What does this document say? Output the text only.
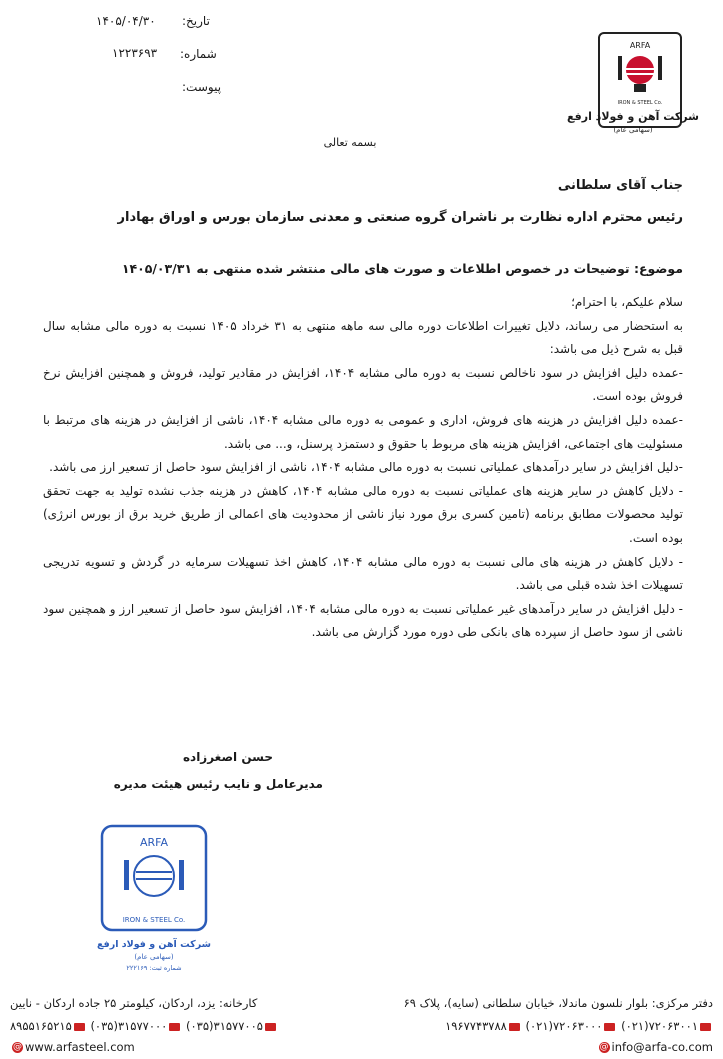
تاریخ:
۱۴۰۵/۰۴/۳۰
شماره:
۱۲۲۳۶۹۳
پیوست:
ARFA
IRON & STEEL Co.
شرکت آهن و فولاد ارفع
(سهامی عام)
بسمه تعالی
جناب آقای سلطانی
رئیس محترم اداره نظارت بر ناشران گروه صنعتی و معدنی سازمان بورس و اوراق بهادار
موضوع: توضیحات در خصوص اطلاعات و صورت های مالی منتشر شده منتهی به ۱۴۰۵/۰۳/۳۱

سلام علیکم، با احترام؛

به استحضار می رساند، دلایل تغییرات اطلاعات دوره مالی سه ماهه منتهی به ۳۱ خرداد ۱۴۰۵ نسبت به دوره مالی مشابه سال قبل به شرح ذیل می باشد:

-عمده دلیل افزایش در سود ناخالص نسبت به دوره مالی مشابه ۱۴۰۴، افزایش در مقادیر تولید، فروش و همچنین افزایش نرخ فروش بوده است.

-عمده دلیل افزایش در هزینه های فروش، اداری و عمومی به دوره مالی مشابه ۱۴۰۴، ناشی از افزایش در هزینه های مرتبط با مسئولیت های اجتماعی، افزایش هزینه های مربوط با حقوق و دستمزد پرسنل، و... می باشد.

-دلیل افزایش در سایر درآمدهای عملیاتی نسبت به دوره مالی مشابه ۱۴۰۴، ناشی از افزایش سود حاصل از تسعیر ارز می باشد.

- دلایل کاهش در سایر هزینه های عملیاتی نسبت به دوره مالی مشابه ۱۴۰۴، کاهش در هزینه جذب نشده تولید به جهت تحقق تولید محصولات مطابق برنامه (تامین کسری برق مورد نیاز ناشی از محدودیت های اعمالی از طریق خرید برق از بورس انرژی) بوده است.

- دلایل کاهش در هزینه های مالی نسبت به دوره مالی مشابه ۱۴۰۴، کاهش اخذ تسهیلات سرمایه در گردش و تسویه تدریجی تسهیلات اخذ شده قبلی می باشد.

- دلیل افزایش در سایر درآمدهای غیر عملیاتی نسبت به دوره مالی مشابه ۱۴۰۴، افزایش سود حاصل از تسعیر ارز و همچنین سود ناشی از سود حاصل از سپرده های بانکی طی دوره مورد گزارش می باشد.

حسن اصغرزاده
مدیرعامل و نایب رئیس هیئت مدیره
ARFA
IRON & STEEL Co.
شرکت آهن و فولاد ارفع
(سهامی عام)
شماره ثبت: ۲۲۲۱۶۹
دفتر مرکزی: بلوار نلسون ماندلا، خیابان سلطانی (سایه)، پلاک ۶۹
کارخانه: یزد، اردکان، کیلومتر ۲۵ جاده اردکان - نایین
۱۹۶۷۷۴۳۷۸۸ (۰۲۱)۷۲۰۶۳۰۰۰ (۰۲۱)۷۲۰۶۳۰۰۱
۸۹۵۵۱۶۵۲۱۵ (۰۳۵)۳۱۵۷۷۰۰۰ (۰۳۵)۳۱۵۷۷۰۰۵
@ info@arfa-co.com
@ www.arfasteel.com
